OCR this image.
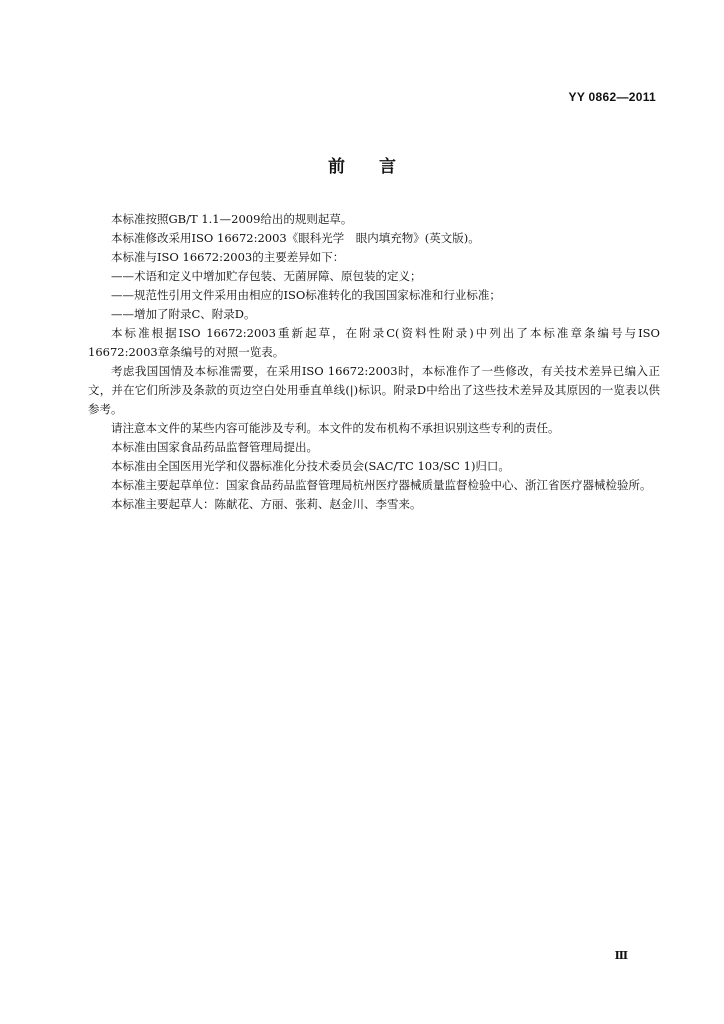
YY 0862—2011
前言

本标准按照GB/T 1.1—2009给出的规则起草。

本标准修改采用ISO 16672:2003《眼科光学　眼内填充物》(英文版)。

本标准与ISO 16672:2003的主要差异如下：

——术语和定义中增加贮存包装、无菌屏障、原包装的定义；

——规范性引用文件采用由相应的ISO标准转化的我国国家标准和行业标准；

——增加了附录C、附录D。

本标准根据ISO 16672:2003重新起草，在附录C(资料性附录)中列出了本标准章条编号与ISO 16672:2003章条编号的对照一览表。

考虑我国国情及本标准需要，在采用ISO 16672:2003时，本标准作了一些修改，有关技术差异已编入正文，并在它们所涉及条款的页边空白处用垂直单线(|)标识。附录D中给出了这些技术差异及其原因的一览表以供参考。

请注意本文件的某些内容可能涉及专利。本文件的发布机构不承担识别这些专利的责任。

本标准由国家食品药品监督管理局提出。

本标准由全国医用光学和仪器标准化分技术委员会(SAC/TC 103/SC 1)归口。

本标准主要起草单位：国家食品药品监督管理局杭州医疗器械质量监督检验中心、浙江省医疗器械检验所。

本标准主要起草人：陈献花、方丽、张莉、赵金川、李雪来。

Ⅲ
